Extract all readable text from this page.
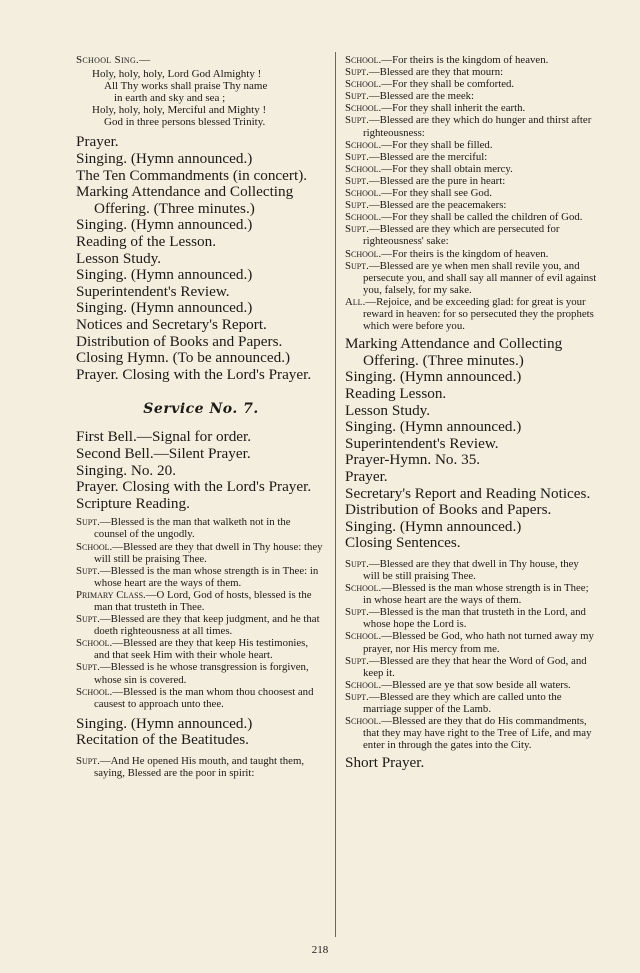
School Sing.—

Holy, holy, holy, Lord God Almighty !
All Thy works shall praise Thy name
in earth and sky and sea ;
Holy, holy, holy, Merciful and Mighty !
God in three persons blessed Trinity.

Prayer.

Singing. (Hymn announced.)

The Ten Commandments (in concert).

Marking Attendance and Collecting Offering. (Three minutes.)

Singing. (Hymn announced.)

Reading of the Lesson.

Lesson Study.

Singing. (Hymn announced.)

Superintendent's Review.

Singing. (Hymn announced.)

Notices and Secretary's Report.

Distribution of Books and Papers.

Closing Hymn. (To be announced.)

Prayer. Closing with the Lord's Prayer.

Service No. 7.

First Bell.—Signal for order.

Second Bell.—Silent Prayer.

Singing. No. 20.

Prayer. Closing with the Lord's Prayer.

Scripture Reading.

Supt.—Blessed is the man that walketh not in the counsel of the ungodly.

School.—Blessed are they that dwell in Thy house: they will still be praising Thee.

Supt.—Blessed is the man whose strength is in Thee: in whose heart are the ways of them.

Primary Class.—O Lord, God of hosts, blessed is the man that trusteth in Thee.

Supt.—Blessed are they that keep judgment, and he that doeth righteousness at all times.

School.—Blessed are they that keep His testimonies, and that seek Him with their whole heart.

Supt.—Blessed is he whose transgression is forgiven, whose sin is covered.

School.—Blessed is the man whom thou choosest and causest to approach unto thee.

Singing. (Hymn announced.)

Recitation of the Beatitudes.

Supt.—And He opened His mouth, and taught them, saying, Blessed are the poor in spirit:

School.—For theirs is the kingdom of heaven.

Supt.—Blessed are they that mourn:

School.—For they shall be comforted.

Supt.—Blessed are the meek:

School.—For they shall inherit the earth.

Supt.—Blessed are they which do hunger and thirst after righteousness:

School.—For they shall be filled.

Supt.—Blessed are the merciful:

School.—For they shall obtain mercy.

Supt.—Blessed are the pure in heart:

School.—For they shall see God.

Supt.—Blessed are the peacemakers:

School.—For they shall be called the children of God.

Supt.—Blessed are they which are persecuted for righteousness' sake:

School.—For theirs is the kingdom of heaven.

Supt.—Blessed are ye when men shall revile you, and persecute you, and shall say all manner of evil against you, falsely, for my sake.

All.—Rejoice, and be exceeding glad: for great is your reward in heaven: for so persecuted they the prophets which were before you.

Marking Attendance and Collecting Offering. (Three minutes.)

Singing. (Hymn announced.)

Reading Lesson.

Lesson Study.

Singing. (Hymn announced.)

Superintendent's Review.

Prayer-Hymn. No. 35.

Prayer.

Secretary's Report and Reading Notices.

Distribution of Books and Papers.

Singing. (Hymn announced.)

Closing Sentences.

Supt.—Blessed are they that dwell in Thy house, they will be still praising Thee.

School.—Blessed is the man whose strength is in Thee; in whose heart are the ways of them.

Supt.—Blessed is the man that trusteth in the Lord, and whose hope the Lord is.

School.—Blessed be God, who hath not turned away my prayer, nor His mercy from me.

Supt.—Blessed are they that hear the Word of God, and keep it.

School.—Blessed are ye that sow beside all waters.

Supt.—Blessed are they which are called unto the marriage supper of the Lamb.

School.—Blessed are they that do His commandments, that they may have right to the Tree of Life, and may enter in through the gates into the City.

Short Prayer.

218
